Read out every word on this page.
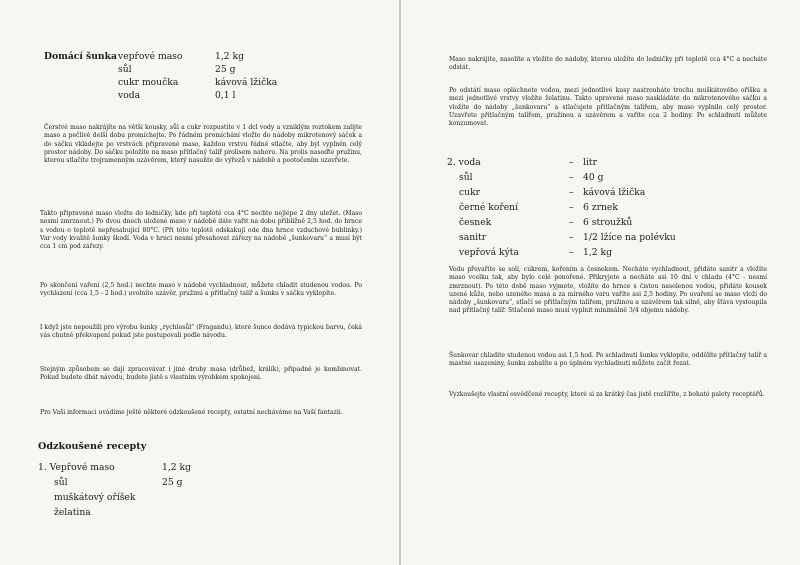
Domácí šunka vepřové maso	1,2 kg
sůl	25 g
cukr moučka	kávová lžička
voda	0,1 l

Čerstvé maso nakrájíte na větší kousky, sůl a cukr rozpustíte v 1 dcl vody a vzniklým roztokem zalijte maso a pečlivě delší dobu promíchejte. Po řádném promíchání vložte do nádoby mikrotenový sáček a do sáčku vkládejte po vrstvách připravené maso, každou vrstvu řádně stlačte, aby byl vyplněn celý prostor nádoby. Do sáčku položíte na maso přítlačný talíř prolisem nahoru. Na prolis nasoďte pružinu, kterou stlačíte trojramenným uzávěrem, který nasuňte do výřezů v nádobě a pootočením uzavřete.

Takto připravené maso vložte do ledničky, kde při teplotě cca 4°C nechte nejlépe 2 dny uležet. (Maso nesmí zmrznout.) Po dvou dnech uložené maso v nádobě dáte vařit na dobu přibližně 2,5 hod. do hrnce s vodou o teplotě nepřesahující 80°C. (Při této teplotě odskakují ode dna hrnce vzduchové bublinky.) Var vody kvalitě šunky škodí. Voda v hrnci nesmí přesahovat zářezy na nádobě „šunkovaru“ a musí být cca 1 cm pod zářezy.

Po skončení vaření (2,5 hod.) nechte maso v nádobě vychladnout, můžete chladit studenou vodou. Po vychlazení (cca 1,5 - 2 hod.) uvolníte uzávěr, pružinu a přítlačný talíř a šunku v sáčku vyklopíte.

I když jste nepoužili pro výrobu šunky „rychlosůl“ (Fragandu), které šunce dodává typickou barvu, čeká vás chutně překvapení pokud jste postupovali podle návodu.

Stejným způsobem se dají zpracovávat i jiné druhy masa (drůbež, králík), případně je kombinovat. Pokud budete dbát návodu, budete jistě s vlastním výrobkem spokojeni.

Pro Vaši informaci uvádíme ještě některé odzkoušené recepty, ostatní necháváme na Vaší fantazii.

Odzkoušené recepty
1. Vepřové maso	1,2 kg
sůl	25 g
muškátový oříšek
želatina

Maso nakrájíte, nasolíte a vložíte do nádoby, kterou uložíte do ledničky při teplotě cca 4°C a necháte odstát.

Po odstátí maso opláchnete vodou, mezi jednotlivé kusy nastrouháte trochu muškátového oříšku a mezi jednotlivé vrstvy vložíte želatinu. Takto upravené maso naskládáte do mikrotenového sáčku a vložíte do nádoby „šunkovaru“ a stlačujete přítlačným talířem, aby maso vyplnilo celý prostor. Uzavřete přítlačným talířem, pružinou a uzávěrem a vaříte cca 2 hodiny. Po schladnutí můžete konzumovat.

2. voda	– litr
sůl	– 40 g
cukr	– kávová lžička
černé koření	– 6 zrnek
česnek	– 6 stroužků
sanitr	– 1/2 lžíce na polévku
vepřová kýta	– 1,2 kg

Vodu převaříte se solí, cukrem, kořením a česnekem. Necháte vychladnout, přidáte sanitr a vložíte maso vcelku tak, aby bylo celé ponořené. Přikryjete a necháte asi 10 dní v chladu (4°C - nesmí zmrznout). Po této době maso vyjmete, vložíte do hrnce s čistou nasolenou vodou, přidáte kousek uzené kůže, nebo uzeného masa a za mírného varu vaříte asi 2,5 hodiny. Po uvaření se maso vloží do nádoby „šunkovaru“, stlačí se přítlačným talířem, pružinou a uzávěrem tak silně, aby šťáva vystoupila nad přítlačný talíř. Stlačené maso musí vyplnit minimálně 3/4 objemu nádoby.

Šunkovar chladíte studenou vodou asi 1,5 hod. Po schladnutí šunku vyklopíte, oddělíte přítlačný talíř a mastné usazeniny, šunku zabalíte a po úplném vychladnutí můžete začít řezat.

Vyzkoušejte vlastní osvědčené recepty, které si za krátký čas jistě rozšíříte, z bohaté palety receptářů.
